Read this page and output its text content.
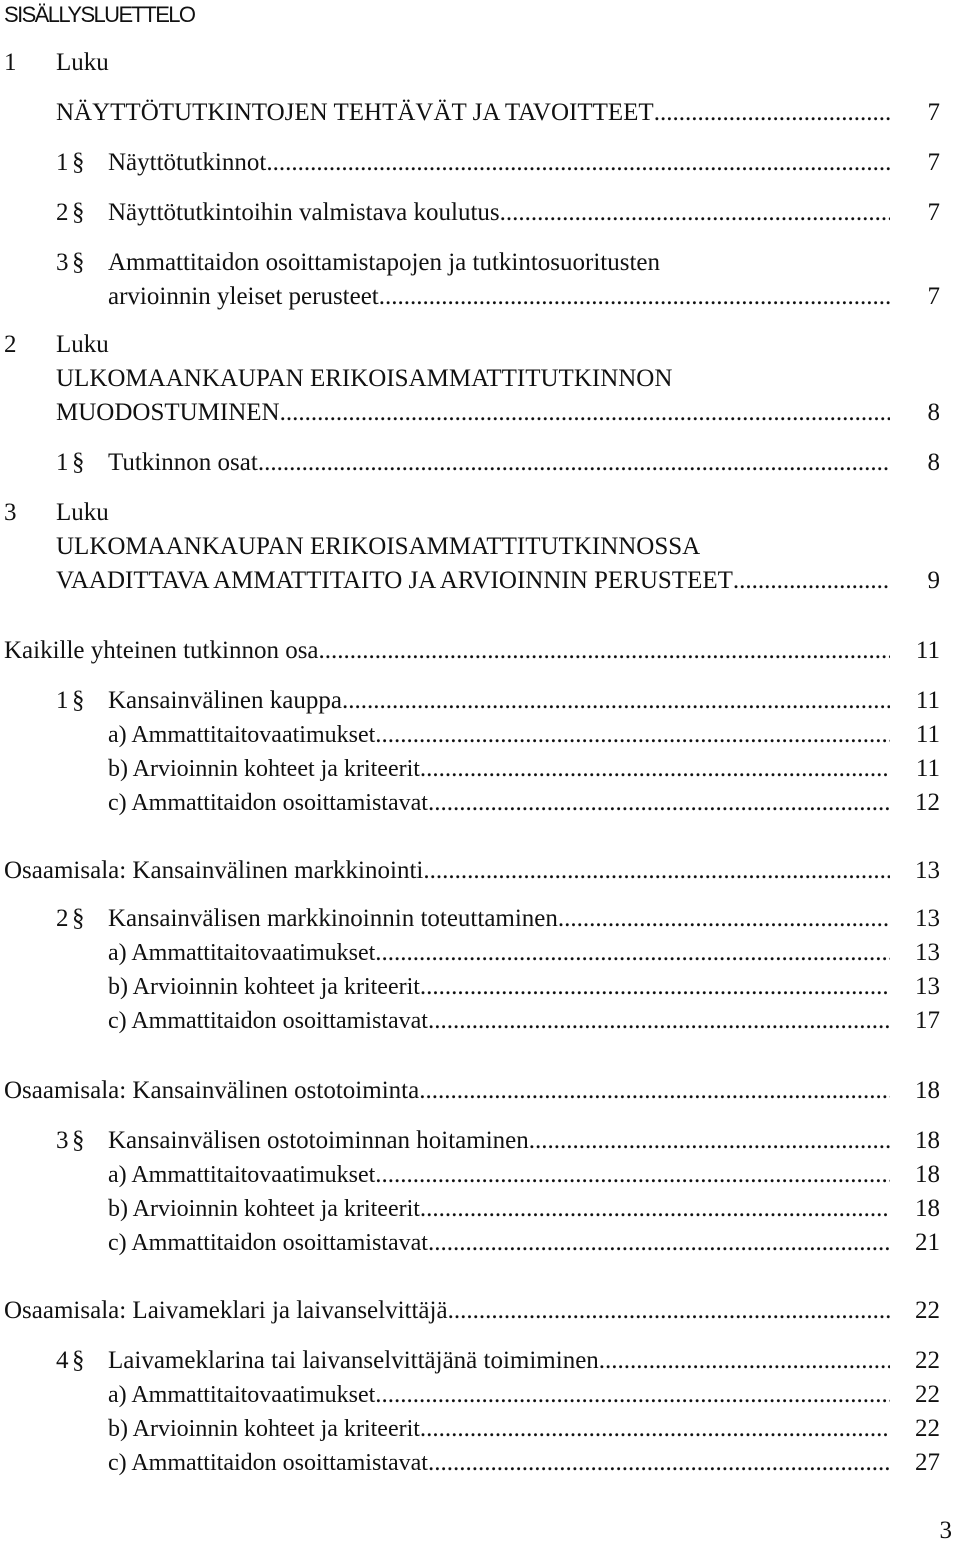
SISÄLLYSLUETTELO
1	Luku
NÄYTTÖTUTKINTOJEN TEHTÄVÄT JA TAVOITTEET .....	7
1 § Näyttötutkinnot .....	7
2 § Näyttötutkintoihin valmistava koulutus .....	7
3 § Ammattitaidon osoittamistapojen ja tutkintosuoritusten
arvioinnin yleiset perusteet .....	7
2	Luku
ULKOMAANKAUPAN ERIKOISAMMATTITUTKINNON
MUODOSTUMINEN .....	8
1 § Tutkinnon osat .....	8
3	Luku
ULKOMAANKAUPAN ERIKOISAMMATTITUTKINNOSSA
VAADITTAVA AMMATTITAITO JA ARVIOINNIN PERUSTEET .....	9
Kaikille yhteinen tutkinnon osa .....	11
1 § Kansainvälinen kauppa .....	11
a) Ammattitaitovaatimukset .....	11
b) Arvioinnin kohteet ja kriteerit .....	11
c) Ammattitaidon osoittamistavat .....	12
Osaamisala: Kansainvälinen markkinointi .....	13
2 § Kansainvälisen markkinoinnin toteuttaminen .....	13
a) Ammattitaitovaatimukset .....	13
b) Arvioinnin kohteet ja kriteerit .....	13
c) Ammattitaidon osoittamistavat .....	17
Osaamisala: Kansainvälinen ostotoiminta .....	18
3 § Kansainvälisen ostotoiminnan hoitaminen .....	18
a) Ammattitaitovaatimukset .....	18
b) Arvioinnin kohteet ja kriteerit .....	18
c) Ammattitaidon osoittamistavat .....	21
Osaamisala: Laivameklari ja laivanselvittäjä .....	22
4 § Laivameklarina tai laivanselvittäjänä toimiminen .....	22
a) Ammattitaitovaatimukset .....	22
b) Arvioinnin kohteet ja kriteerit .....	22
c) Ammattitaidon osoittamistavat .....	27
3
